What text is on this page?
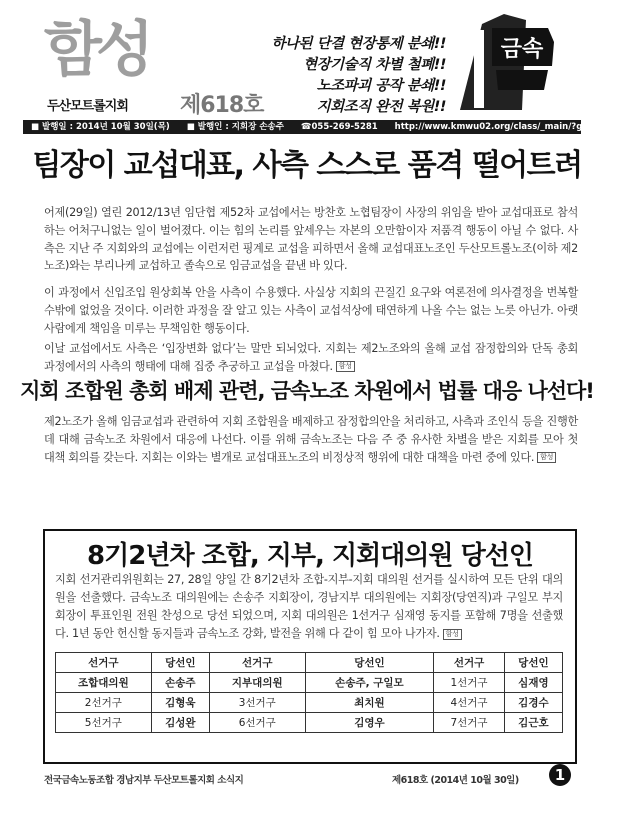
함성
두산모트롤지회 제618호
하나된 단결 현장통제 분쇄!!
현장기술직 차별 철폐!!
노조파괴 공작 분쇄!!
지회조직 완전 복원!!
금속
■ 발행일 : 2014년 10월 30일(목) ■ 발행인 : 지회장 손송주 ☎055-269-5281 http://www.kmwu02.org/class/_main/?gr_id=040
팀장이 교섭대표, 사측 스스로 품격 떨어트려
어제(29일) 열린 2012/13년 임단협 제52차 교섭에서는 방찬호 노협팀장이 사장의 위임을 받아 교섭대표로 참석하는 어처구니없는 일이 벌어졌다. 이는 힘의 논리를 앞세우는 자본의 오만함이자 저품격 행동이 아닐 수 없다. 사측은 지난 주 지회와의 교섭에는 이런저런 핑계로 교섭을 피하면서 올해 교섭대표노조인 두산모트롤노조(이하 제2노조)와는 부리나케 교섭하고 졸속으로 임금교섭을 끝낸 바 있다.
이 과정에서 신입조입 원상회복 안을 사측이 수용했다. 사실상 지회의 끈질긴 요구와 여론전에 의사결정을 번복할 수밖에 없었을 것이다. 이러한 과정을 잘 알고 있는 사측이 교섭석상에 태연하게 나올 수는 없는 노릇 아닌가. 아랫사람에게 책임을 미루는 무책임한 행동이다.
이날 교섭에서도 사측은 ‘입장변화 없다’는 말만 되뇌었다. 지회는 제2노조와의 올해 교섭 잠정합의와 단독 총회 과정에서의 사측의 행태에 대해 집중 추궁하고 교섭을 마쳤다. 함성
지회 조합원 총회 배제 관련, 금속노조 차원에서 법률 대응 나선다!
제2노조가 올해 임금교섭과 관련하여 지회 조합원을 배제하고 잠정합의안을 처리하고, 사측과 조인식 등을 진행한데 대해 금속노조 차원에서 대응에 나선다. 이를 위해 금속노조는 다음 주 중 유사한 차별을 받은 지회를 모아 첫 대책 회의를 갖는다. 지회는 이와는 별개로 교섭대표노조의 비정상적 행위에 대한 대책을 마련 중에 있다. 함성
8기2년차 조합, 지부, 지회대의원 당선인
지회 선거관리위원회는 27, 28일 양일 간 8기2년차 조합-지부-지회 대의원 선거를 실시하여 모든 단위 대의원을 선출했다. 금속노조 대의원에는 손송주 지회장이, 경남지부 대의원에는 지회장(당연직)과 구일모 부지회장이 투표인원 전원 찬성으로 당선 되었으며, 지회 대의원은 1선거구 심재영 동지를 포함해 7명을 선출했다. 1년 동안 헌신할 동지들과 금속노조 강화, 발전을 위해 다 같이 힘 모아 나가자. 함성
선거구	당선인	선거구	당선인	선거구	당선인
조합대의원	손송주	지부대의원	손송주, 구일모	1선거구	심재영
2선거구	김형욱	3선거구	최치원	4선거구	김경수
5선거구	김성완	6선거구	김영우	7선거구	김근호
전국금속노동조합 경남지부 두산모트롤지회 소식지	제618호 (2014년 10월 30일)	1
